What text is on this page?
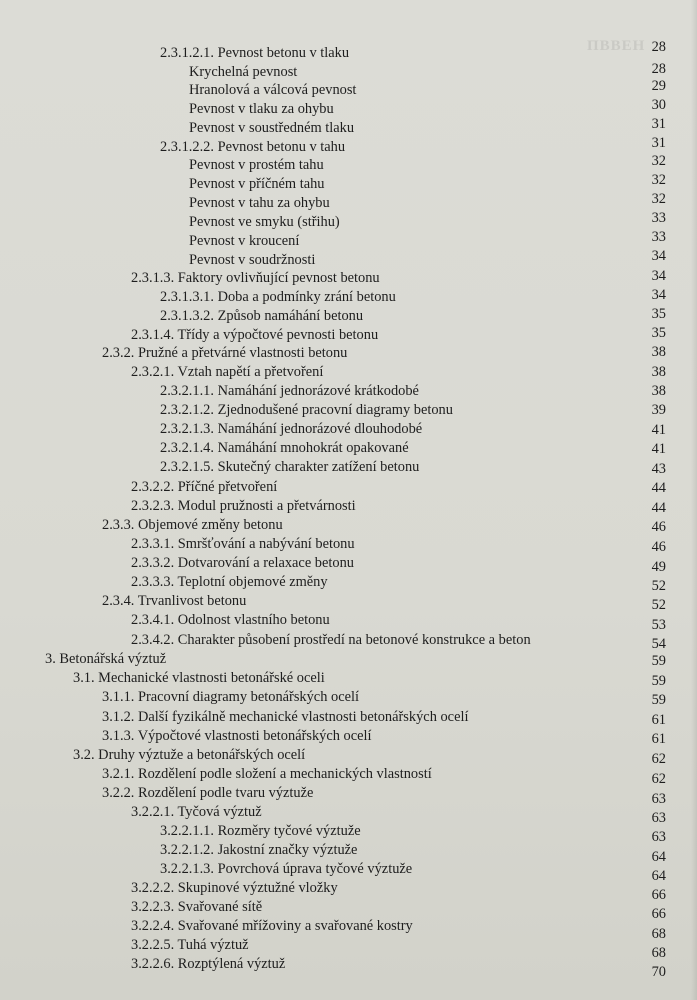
ПВВЕН
2.3.1.2.1. Pevnost betonu v tlaku	28
Krychelná pevnost	28
Hranolová a válcová pevnost	29
Pevnost v tlaku za ohybu	30
Pevnost v soustředném tlaku	31
2.3.1.2.2. Pevnost betonu v tahu	31
Pevnost v prostém tahu	32
Pevnost v příčném tahu	32
Pevnost v tahu za ohybu	32
Pevnost ve smyku (střihu)	33
Pevnost v kroucení	33
Pevnost v soudržnosti	34
2.3.1.3. Faktory ovlivňující pevnost betonu	34
2.3.1.3.1. Doba a podmínky zrání betonu	34
2.3.1.3.2. Způsob namáhání betonu	35
2.3.1.4. Třídy a výpočtové pevnosti betonu	35
2.3.2. Pružné a přetvárné vlastnosti betonu	38
2.3.2.1. Vztah napětí a přetvoření	38
2.3.2.1.1. Namáhání jednorázové krátkodobé	38
2.3.2.1.2. Zjednodušené pracovní diagramy betonu	39
2.3.2.1.3. Namáhání jednorázové dlouhodobé	41
2.3.2.1.4. Namáhání mnohokrát opakované	41
2.3.2.1.5. Skutečný charakter zatížení betonu	43
2.3.2.2. Příčné přetvoření	44
2.3.2.3. Modul pružnosti a přetvárnosti	44
2.3.3. Objemové změny betonu	46
2.3.3.1. Smršťování a nabývání betonu	46
2.3.3.2. Dotvarování a relaxace betonu	49
2.3.3.3. Teplotní objemové změny	52
2.3.4. Trvanlivost betonu	52
2.3.4.1. Odolnost vlastního betonu	53
2.3.4.2. Charakter působení prostředí na betonové konstrukce a beton	54
3. Betonářská výztuž	59
3.1. Mechanické vlastnosti betonářské oceli	59
3.1.1. Pracovní diagramy betonářských ocelí	59
3.1.2. Další fyzikálně mechanické vlastnosti betonářských ocelí	61
3.1.3. Výpočtové vlastnosti betonářských ocelí	61
3.2. Druhy výztuže a betonářských ocelí	62
3.2.1. Rozdělení podle složení a mechanických vlastností	62
3.2.2. Rozdělení podle tvaru výztuže	63
3.2.2.1. Tyčová výztuž	63
3.2.2.1.1. Rozměry tyčové výztuže	63
3.2.2.1.2. Jakostní značky výztuže	64
3.2.2.1.3. Povrchová úprava tyčové výztuže	64
3.2.2.2. Skupinové výztužné vložky	66
3.2.2.3. Svařované sítě	66
3.2.2.4. Svařované mřížoviny a svařované kostry	68
3.2.2.5. Tuhá výztuž	68
3.2.2.6. Rozptýlená výztuž	70
